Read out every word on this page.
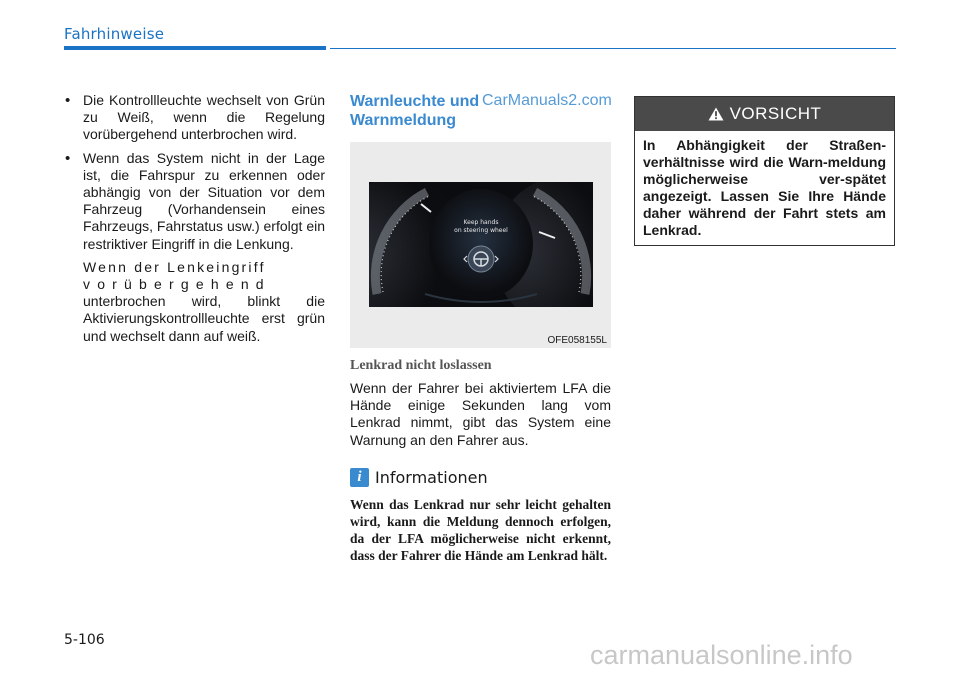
Fahrhinweise
• Die Kontrollleuchte wechselt von Grün zu Weiß, wenn die Regelung vorübergehend unterbrochen wird.
• Wenn das System nicht in der Lage ist, die Fahrspur zu erkennen oder abhängig von der Situation vor dem Fahrzeug (Vorhandensein eines Fahrzeugs, Fahrstatus usw.) erfolgt ein restriktiver Eingriff in die Lenkung.
Wenn der Lenkeingriff
vorübergehend
unterbrochen wird, blinkt die Aktivierungskontrollleuchte erst grün und wechselt dann auf weiß.
Warnleuchte und
Warnmeldung
CarManuals2.com
Keep hands
on steering wheel
OFE058155L
Lenkrad nicht loslassen
Wenn der Fahrer bei aktiviertem LFA die Hände einige Sekunden lang vom Lenkrad nimmt, gibt das System eine Warnung an den Fahrer aus.
i Informationen
Wenn das Lenkrad nur sehr leicht gehalten wird, kann die Meldung dennoch erfolgen, da der LFA möglicherweise nicht erkennt, dass der Fahrer die Hände am Lenkrad hält.
VORSICHT
In Abhängigkeit der Straßen-verhältnisse wird die Warn-meldung möglicherweise ver-spätet angezeigt. Lassen Sie Ihre Hände daher während der Fahrt stets am Lenkrad.
5-106	carmanualsonline.info
